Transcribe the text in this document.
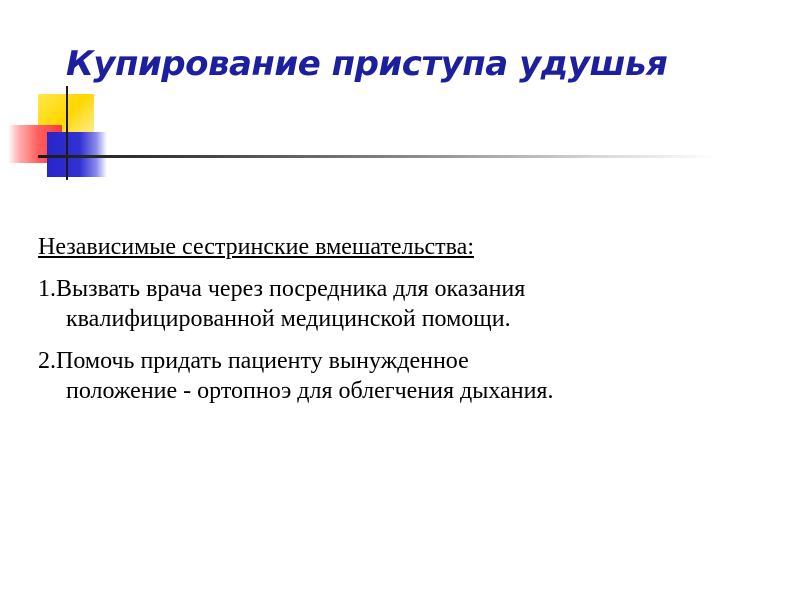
Купирование приступа удушья
Независимые сестринские вмешательства:
1.Вызвать врача через посредника для оказания
квалифицированной медицинской помощи.
2.Помочь придать пациенту вынужденное
положение - ортопноэ для облегчения дыхания.
